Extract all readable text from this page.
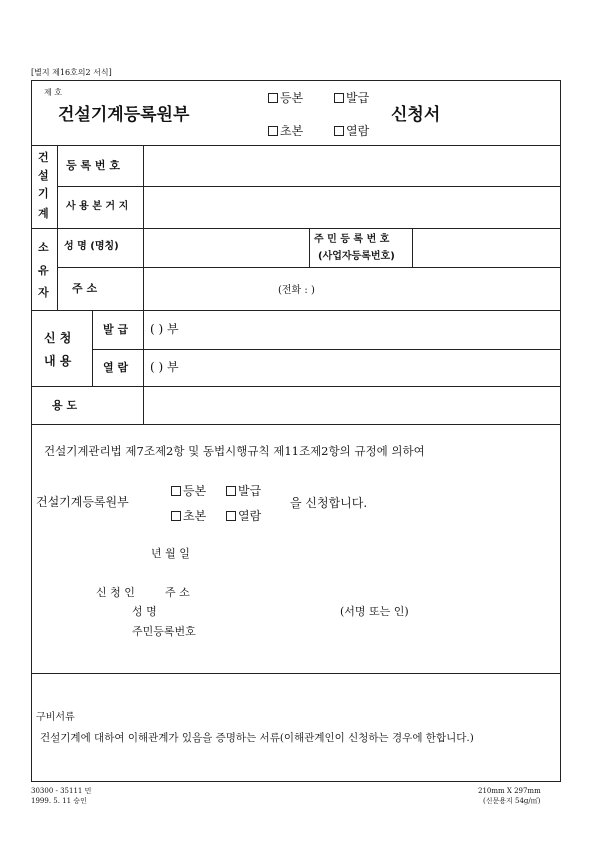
[별지 제16호의2 서식]
제 호
건설기계등록원부
등본	발급
초본	열람
신청서
건
설
기
계
등 록 번 호
사 용 본 거 지
소
유
자
성 명 (명칭)
주 민 등 록 번 호
(사업자등록번호)
주 소	(전화 : )
신 청
내 용
발 급 ( ) 부
열 람 ( ) 부
용 도
건설기계관리법 제7조제2항 및 동법시행규칙 제11조제2항의 규정에 의하여
건설기계등록원부
등본	발급
초본	열람
을 신청합니다.
년 월 일
신 청 인	주 소
성 명	(서명 또는 인)
주민등록번호
구비서류
건설기계에 대하여 이해관계가 있음을 증명하는 서류(이해관계인이 신청하는 경우에 한합니다.)
30300 - 35111 민
1999. 5. 11 승인
210mm X 297mm
(신문용지 54g/㎡)
